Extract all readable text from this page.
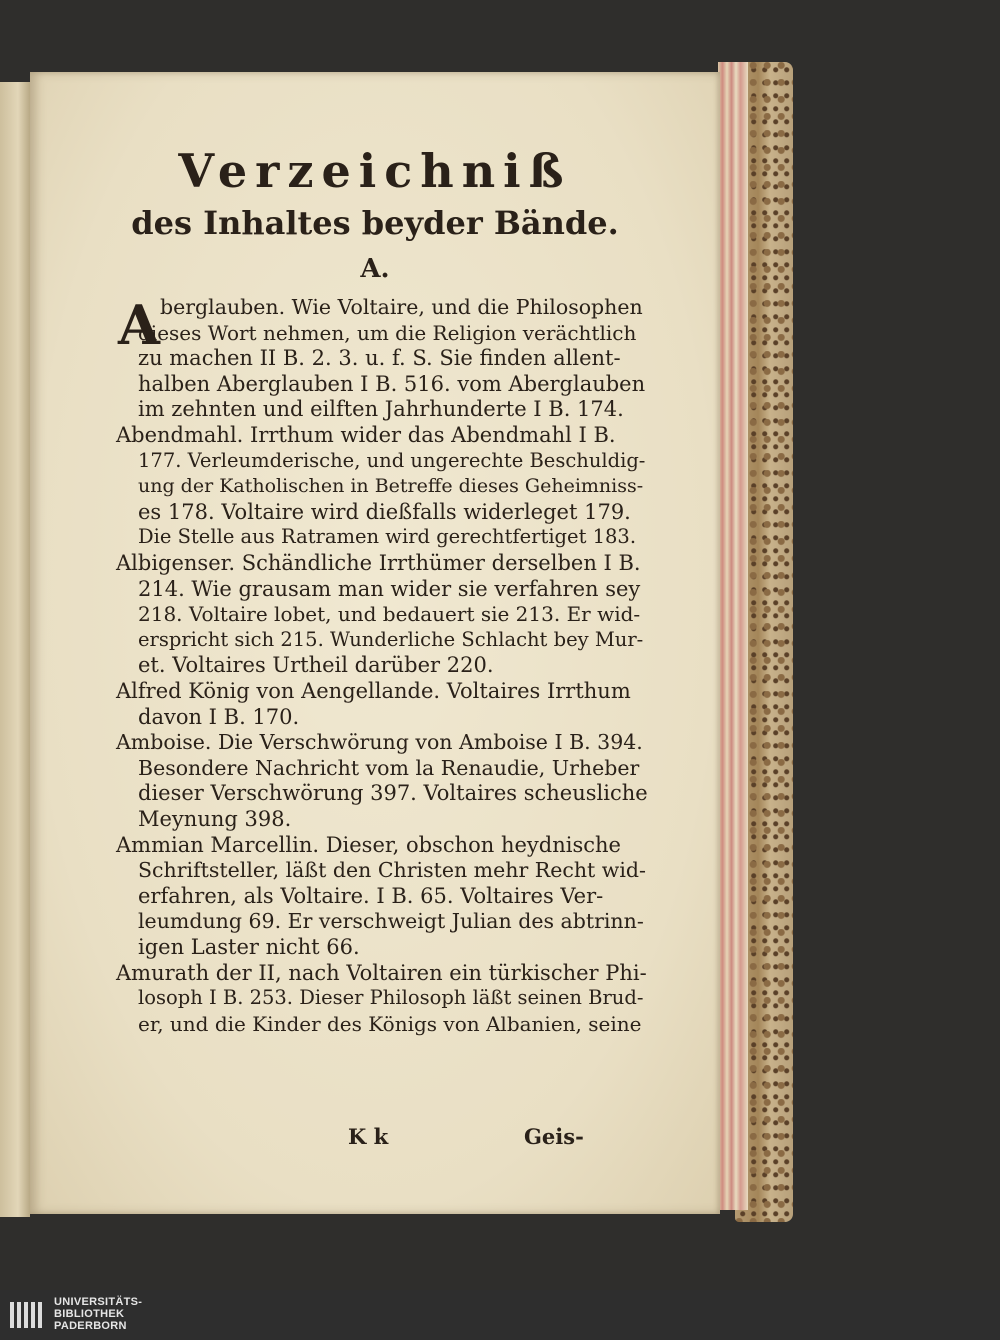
Verzeichniß
des Inhaltes beyder Bände.
A.
A berglauben. Wie Voltaire, und die Philosophen
dieses Wort nehmen, um die Religion verächtlich
zu machen II B. 2. 3. u. f. S. Sie finden allent-
halben Aberglauben I B. 516. vom Aberglauben
im zehnten und eilften Jahrhunderte I B. 174.
Abendmahl. Irrthum wider das Abendmahl I B.
177. Verleumderische, und ungerechte Beschuldig-
ung der Katholischen in Betreffe dieses Geheimniss-
es 178. Voltaire wird dießfalls widerleget 179.
Die Stelle aus Ratramen wird gerechtfertiget 183.
Albigenser. Schändliche Irrthümer derselben I B.
214. Wie grausam man wider sie verfahren sey
218. Voltaire lobet, und bedauert sie 213. Er wid-
erspricht sich 215. Wunderliche Schlacht bey Mur-
et. Voltaires Urtheil darüber 220.
Alfred König von Aengellande. Voltaires Irrthum
davon I B. 170.
Amboise. Die Verschwörung von Amboise I B. 394.
Besondere Nachricht vom la Renaudie, Urheber
dieser Verschwörung 397. Voltaires scheusliche
Meynung 398.
Ammian Marcellin. Dieser, obschon heydnische
Schriftsteller, läßt den Christen mehr Recht wid-
erfahren, als Voltaire. I B. 65. Voltaires Ver-
leumdung 69. Er verschweigt Julian des abtrinn-
igen Laster nicht 66.
Amurath der II, nach Voltairen ein türkischer Phi-
losoph I B. 253. Dieser Philosoph läßt seinen Brud-
er, und die Kinder des Königs von Albanien, seine
K k	Geis-
UNIVERSITÄTS-
BIBLIOTHEK
PADERBORN
